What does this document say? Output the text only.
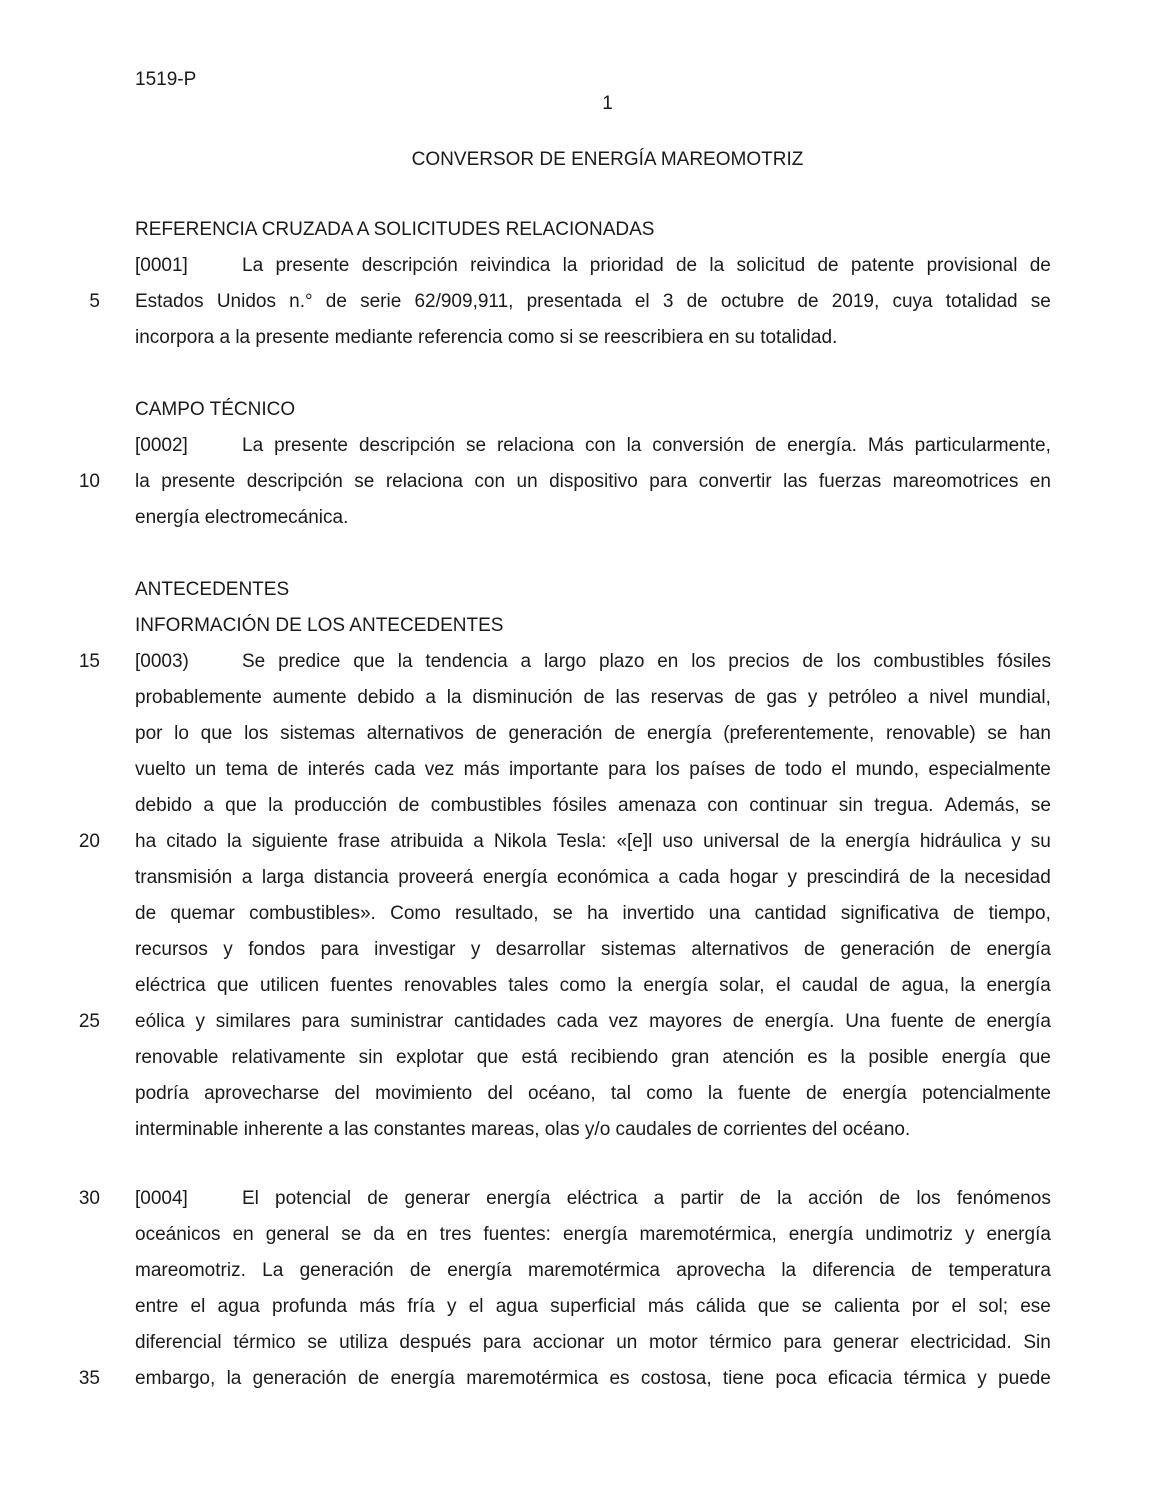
1519-P
1
CONVERSOR DE ENERGÍA MAREOMOTRIZ
REFERENCIA CRUZADA A SOLICITUDES RELACIONADAS
[0001]	La presente descripción reivindica la prioridad de la solicitud de patente provisional de
Estados Unidos n.° de serie 62/909,911, presentada el 3 de octubre de 2019, cuya totalidad se
incorpora a la presente mediante referencia como si se reescribiera en su totalidad.
CAMPO TÉCNICO
[0002]	La presente descripción se relaciona con la conversión de energía. Más particularmente,
la presente descripción se relaciona con un dispositivo para convertir las fuerzas mareomotrices en
energía electromecánica.
ANTECEDENTES
INFORMACIÓN DE LOS ANTECEDENTES
[0003)	Se predice que la tendencia a largo plazo en los precios de los combustibles fósiles
probablemente aumente debido a la disminución de las reservas de gas y petróleo a nivel mundial,
por lo que los sistemas alternativos de generación de energía (preferentemente, renovable) se han
vuelto un tema de interés cada vez más importante para los países de todo el mundo, especialmente
debido a que la producción de combustibles fósiles amenaza con continuar sin tregua. Además, se
ha citado la siguiente frase atribuida a Nikola Tesla: «[e]l uso universal de la energía hidráulica y su
transmisión a larga distancia proveerá energía económica a cada hogar y prescindirá de la necesidad
de quemar combustibles». Como resultado, se ha invertido una cantidad significativa de tiempo,
recursos y fondos para investigar y desarrollar sistemas alternativos de generación de energía
eléctrica que utilicen fuentes renovables tales como la energía solar, el caudal de agua, la energía
eólica y similares para suministrar cantidades cada vez mayores de energía. Una fuente de energía
renovable relativamente sin explotar que está recibiendo gran atención es la posible energía que
podría aprovecharse del movimiento del océano, tal como la fuente de energía potencialmente
interminable inherente a las constantes mareas, olas y/o caudales de corrientes del océano.
[0004]	El potencial de generar energía eléctrica a partir de la acción de los fenómenos
oceánicos en general se da en tres fuentes: energía maremotérmica, energía undimotriz y energía
mareomotriz. La generación de energía maremotérmica aprovecha la diferencia de temperatura
entre el agua profunda más fría y el agua superficial más cálida que se calienta por el sol; ese
diferencial térmico se utiliza después para accionar un motor térmico para generar electricidad. Sin
embargo, la generación de energía maremotérmica es costosa, tiene poca eficacia térmica y puede
5
10
15
20
25
30
35
